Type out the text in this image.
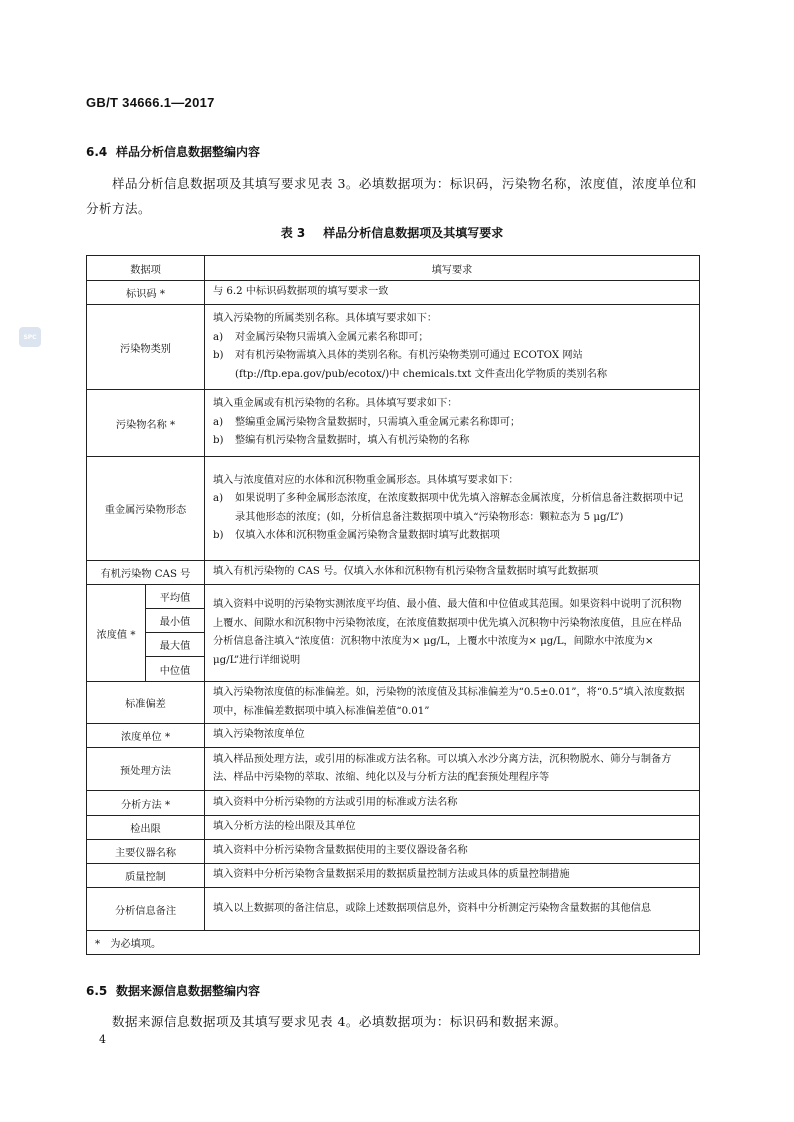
SPC
GB/T 34666.1—2017
6.4 样品分析信息数据整编内容
样品分析信息数据项及其填写要求见表 3。必填数据项为：标识码，污染物名称，浓度值，浓度单位和分析方法。
表 3 样品分析信息数据项及其填写要求
数据项		填写要求
标识码 *		与 6.2 中标识码数据项的填写要求一致
污染物类别		填入污染物的所属类别名称。具体填写要求如下：
a) 对金属污染物只需填入金属元素名称即可；
b) 对有机污染物需填入具体的类别名称。有机污染物类别可通过 ECOTOX 网站(ftp://ftp.epa.gov/pub/ecotox/)中 chemicals.txt 文件查出化学物质的类别名称

污染物名称 *		填入重金属或有机污染物的名称。具体填写要求如下：
a) 整编重金属污染物含量数据时，只需填入重金属元素名称即可；
b) 整编有机污染物含量数据时，填入有机污染物的名称

重金属污染物形态		填入与浓度值对应的水体和沉积物重金属形态。具体填写要求如下：
a) 如果说明了多种金属形态浓度，在浓度数据项中优先填入溶解态金属浓度，分析信息备注数据项中记录其他形态的浓度；(如，分析信息备注数据项中填入“污染物形态：颗粒态为 5 μg/L”)
b) 仅填入水体和沉积物重金属污染物含量数据时填写此数据项

有机污染物 CAS 号		填入有机污染物的 CAS 号。仅填入水体和沉积物有机污染物含量数据时填写此数据项
浓度值 *	平均值	填入资料中说明的污染物实测浓度平均值、最小值、最大值和中位值或其范围。如果资料中说明了沉积物上覆水、间隙水和沉积物中污染物浓度，在浓度值数据项中优先填入沉积物中污染物浓度值，且应在样品分析信息备注填入“浓度值：沉积物中浓度为× μg/L，上覆水中浓度为× μg/L，间隙水中浓度为× μg/L”进行详细说明
	最小值	
	最大值	
	中位值	
标准偏差		填入污染物浓度值的标准偏差。如，污染物的浓度值及其标准偏差为“0.5±0.01”，将“0.5”填入浓度数据项中，标准偏差数据项中填入标准偏差值“0.01”
浓度单位 *		填入污染物浓度单位
预处理方法		填入样品预处理方法，或引用的标准或方法名称。可以填入水沙分离方法，沉积物脱水、筛分与制备方法、样品中污染物的萃取、浓缩、纯化以及与分析方法的配套预处理程序等
分析方法 *		填入资料中分析污染物的方法或引用的标准或方法名称
检出限		填入分析方法的检出限及其单位
主要仪器名称		填入资料中分析污染物含量数据使用的主要仪器设备名称
质量控制		填入资料中分析污染物含量数据采用的数据质量控制方法或具体的质量控制措施
分析信息备注		填入以上数据项的备注信息，或除上述数据项信息外，资料中分析测定污染物含量数据的其他信息
*　为必填项。		
6.5 数据来源信息数据整编内容
数据来源信息数据项及其填写要求见表 4。必填数据项为：标识码和数据来源。
4
